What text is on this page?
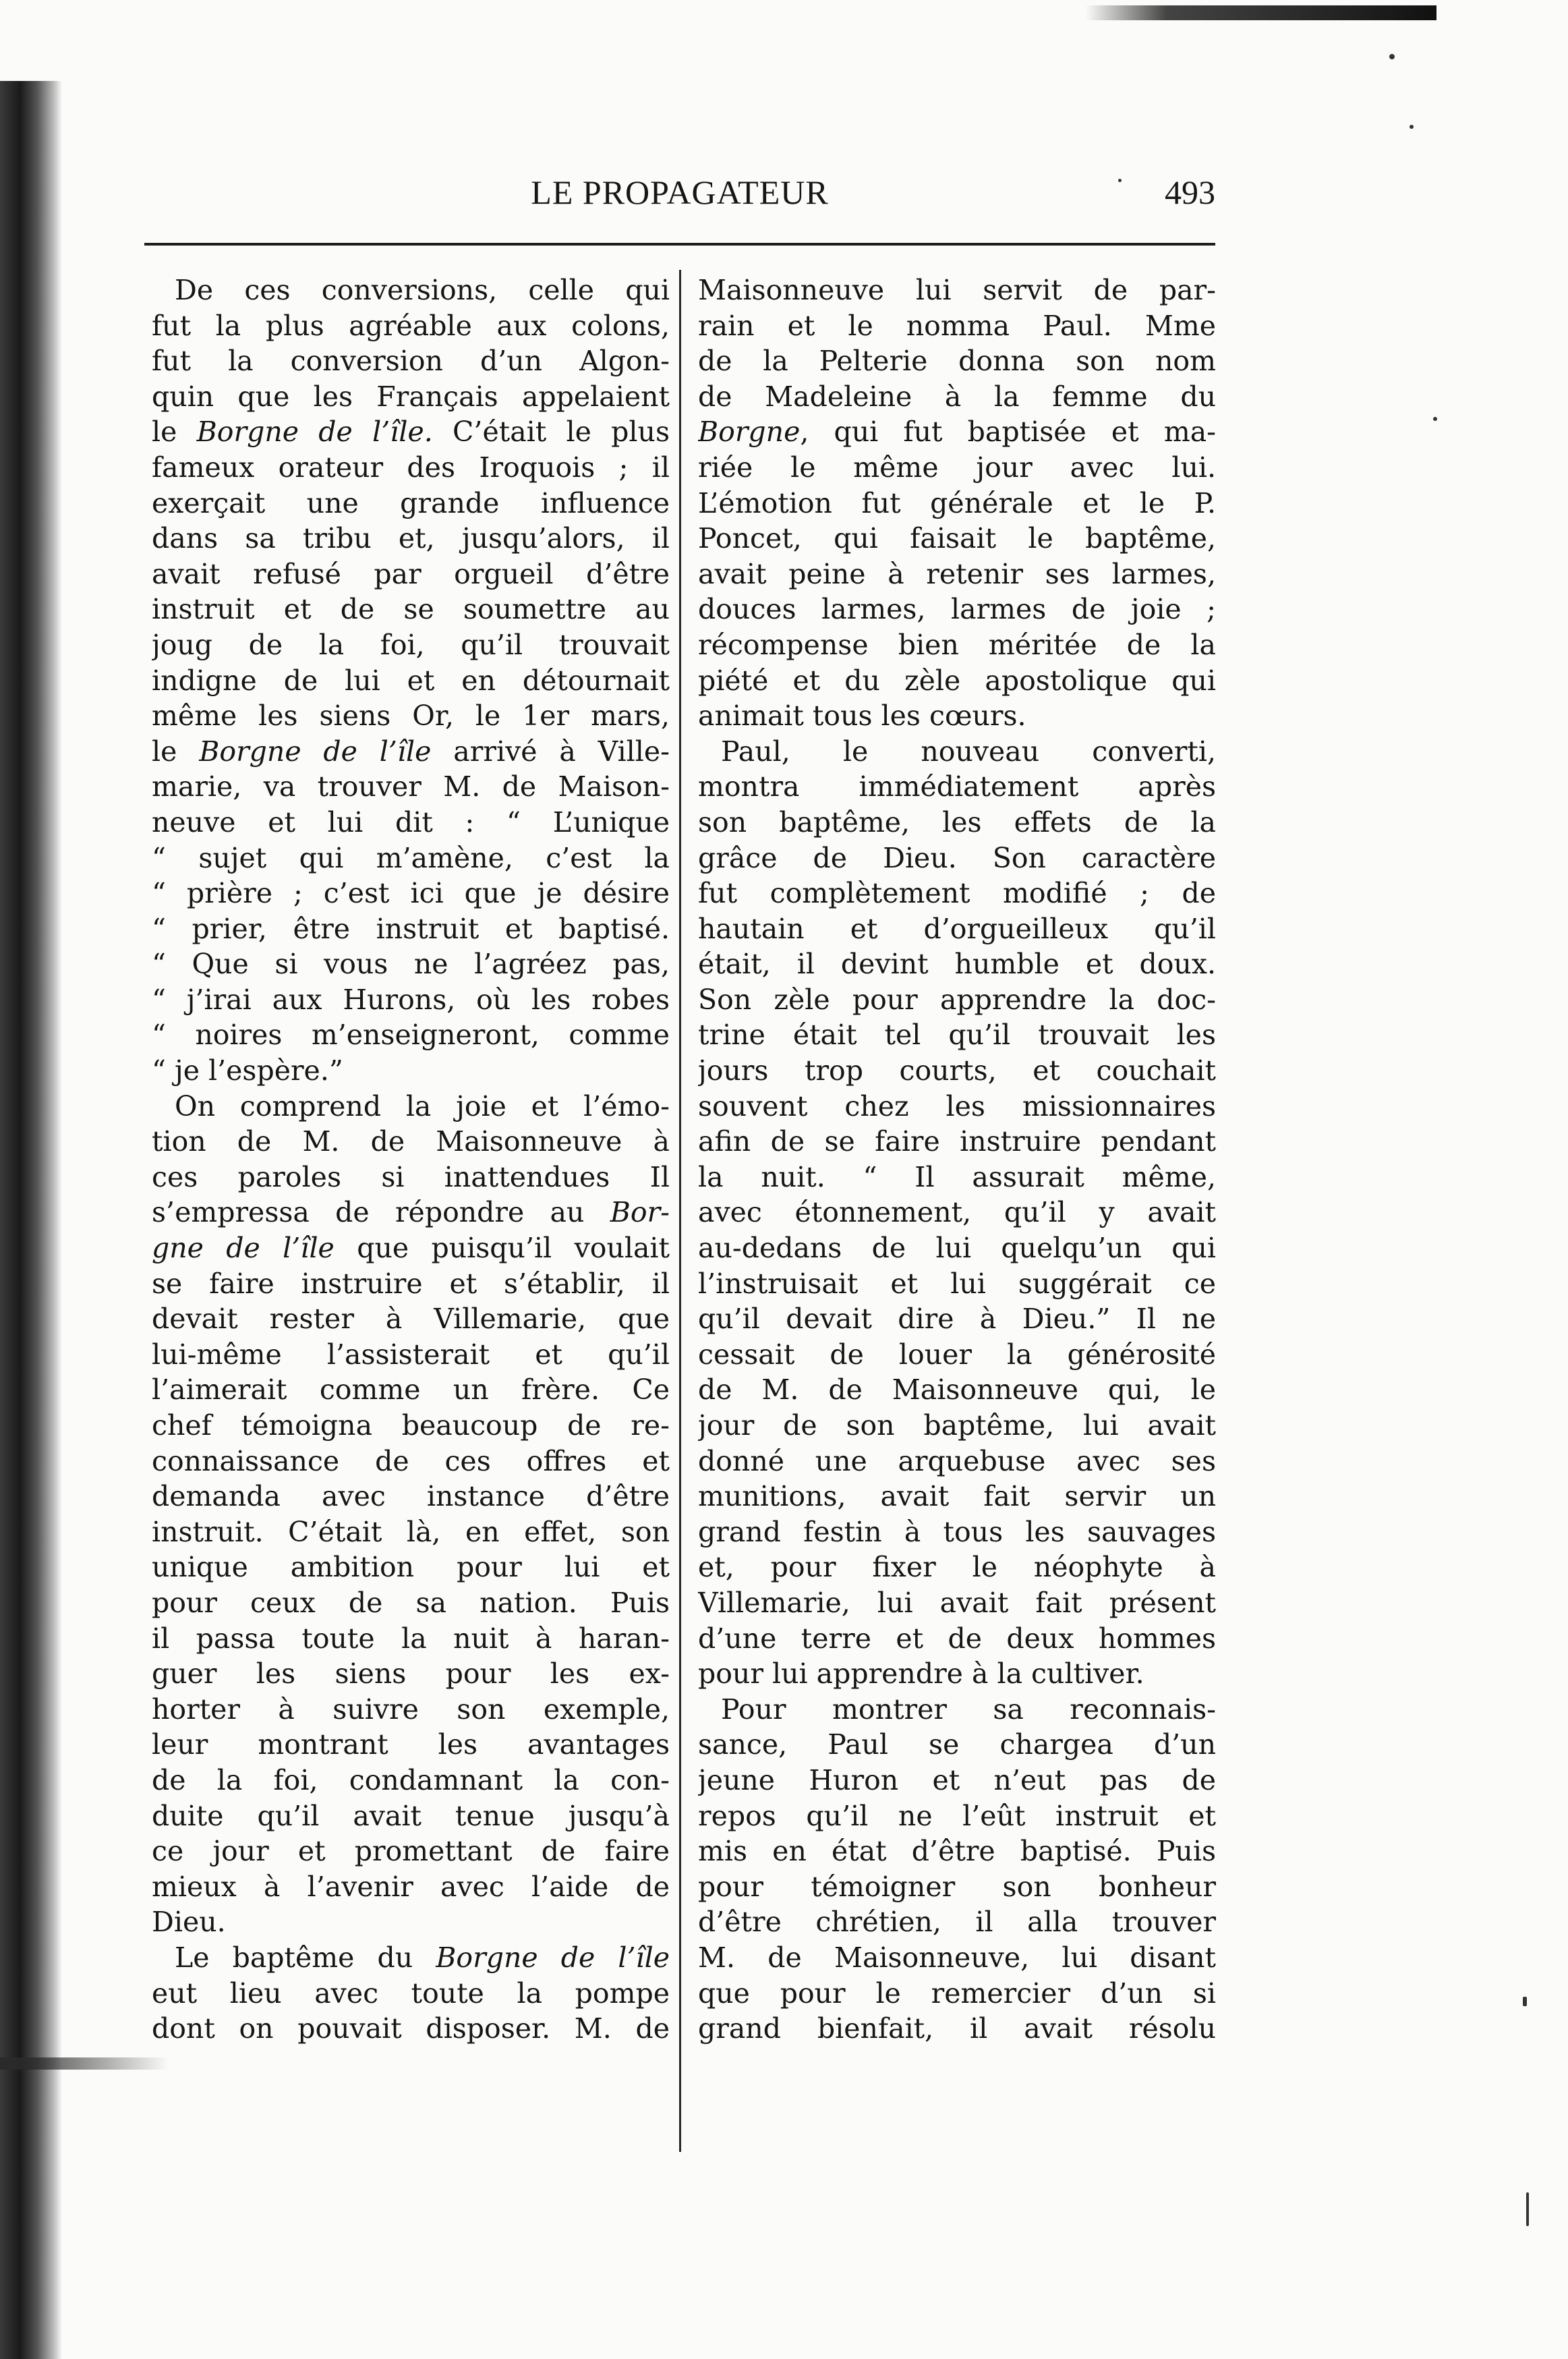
LE PROPAGATEUR	493
De ces conversions, celle qui
fut la plus agréable aux colons,
fut la conversion d’un Algon-
quin que les Français appelaient
le Borgne de l’île. C’était le plus
fameux orateur des Iroquois ; il
exerçait une grande influence
dans sa tribu et, jusqu’alors, il
avait refusé par orgueil d’être
instruit et de se soumettre au
joug de la foi, qu’il trouvait
indigne de lui et en détournait
même les siens Or, le 1er mars,
le Borgne de l’île arrivé à Ville-
marie, va trouver M. de Maison-
neuve et lui dit : “ L’unique
“ sujet qui m’amène, c’est la
“ prière ; c’est ici que je désire
“ prier, être instruit et baptisé.
“ Que si vous ne l’agréez pas,
“ j’irai aux Hurons, où les robes
“ noires m’enseigneront, comme
“ je l’espère.”
On comprend la joie et l’émo-
tion de M. de Maisonneuve à
ces paroles si inattendues Il
s’empressa de répondre au Bor-
gne de l’île que puisqu’il voulait
se faire instruire et s’établir, il
devait rester à Villemarie, que
lui-même l’assisterait et qu’il
l’aimerait comme un frère. Ce
chef témoigna beaucoup de re-
connaissance de ces offres et
demanda avec instance d’être
instruit. C’était là, en effet, son
unique ambition pour lui et
pour ceux de sa nation. Puis
il passa toute la nuit à haran-
guer les siens pour les ex-
horter à suivre son exemple,
leur montrant les avantages
de la foi, condamnant la con-
duite qu’il avait tenue jusqu’à
ce jour et promettant de faire
mieux à l’avenir avec l’aide de
Dieu.
Le baptême du Borgne de l’île
eut lieu avec toute la pompe
dont on pouvait disposer. M. de
Maisonneuve lui servit de par-
rain et le nomma Paul. Mme
de la Pelterie donna son nom
de Madeleine à la femme du
Borgne, qui fut baptisée et ma-
riée le même jour avec lui.
L’émotion fut générale et le P.
Poncet, qui faisait le baptême,
avait peine à retenir ses larmes,
douces larmes, larmes de joie ;
récompense bien méritée de la
piété et du zèle apostolique qui
animait tous les cœurs.
Paul, le nouveau converti,
montra immédiatement après
son baptême, les effets de la
grâce de Dieu. Son caractère
fut complètement modifié ; de
hautain et d’orgueilleux qu’il
était, il devint humble et doux.
Son zèle pour apprendre la doc-
trine était tel qu’il trouvait les
jours trop courts, et couchait
souvent chez les missionnaires
afin de se faire instruire pendant
la nuit. “ Il assurait même,
avec étonnement, qu’il y avait
au-dedans de lui quelqu’un qui
l’instruisait et lui suggérait ce
qu’il devait dire à Dieu.” Il ne
cessait de louer la générosité
de M. de Maisonneuve qui, le
jour de son baptême, lui avait
donné une arquebuse avec ses
munitions, avait fait servir un
grand festin à tous les sauvages
et, pour fixer le néophyte à
Villemarie, lui avait fait présent
d’une terre et de deux hommes
pour lui apprendre à la cultiver.
Pour montrer sa reconnais-
sance, Paul se chargea d’un
jeune Huron et n’eut pas de
repos qu’il ne l’eût instruit et
mis en état d’être baptisé. Puis
pour témoigner son bonheur
d’être chrétien, il alla trouver
M. de Maisonneuve, lui disant
que pour le remercier d’un si
grand bienfait, il avait résolu
